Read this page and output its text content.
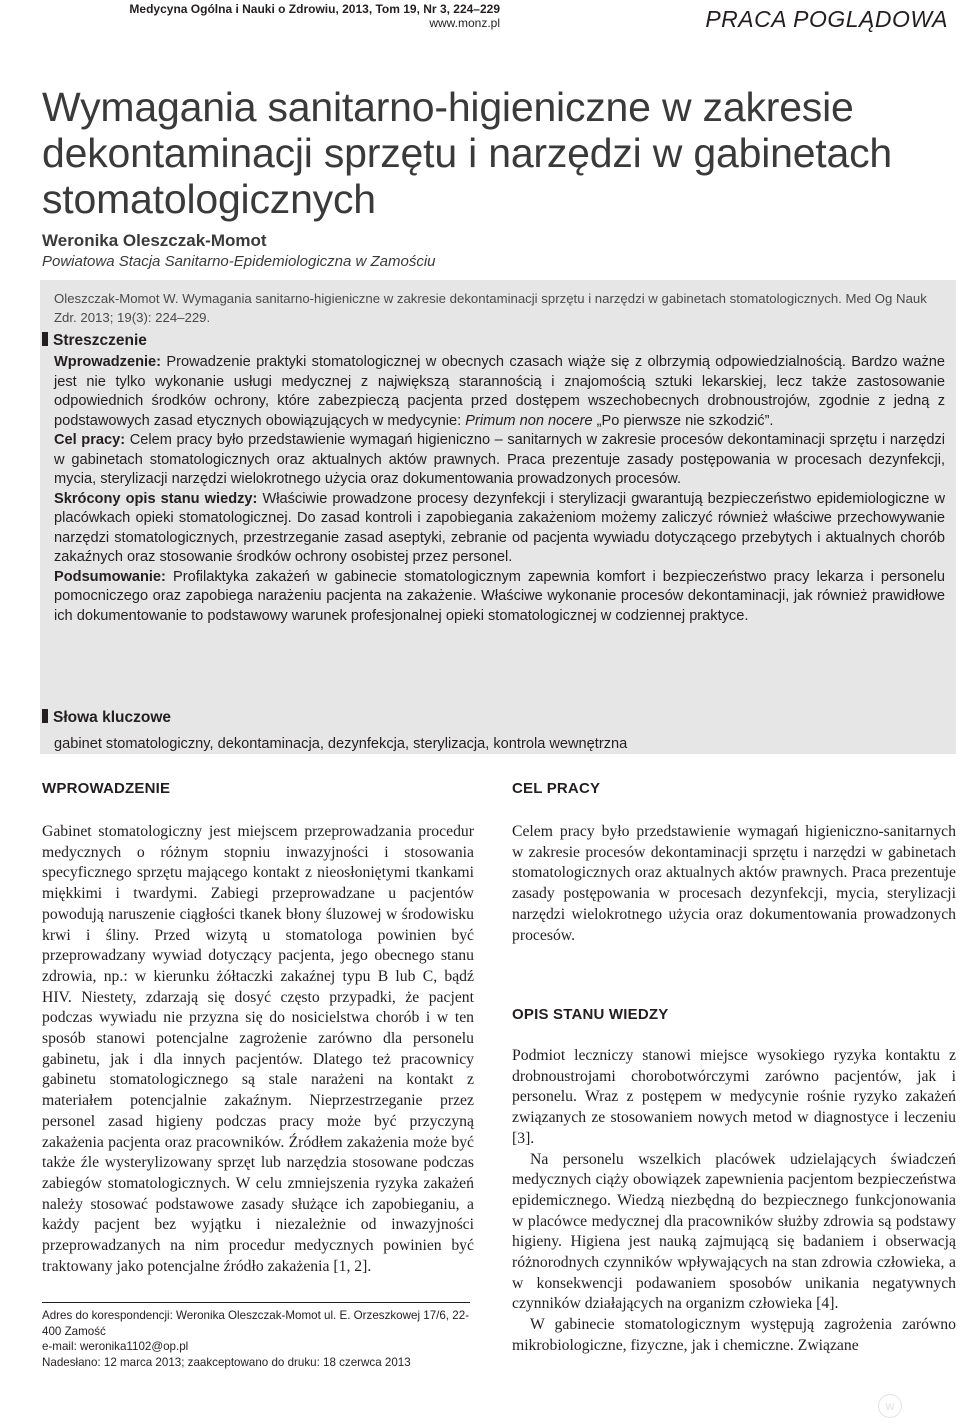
Medycyna Ogólna i Nauki o Zdrowiu, 2013, Tom 19, Nr 3, 224–229
www.monz.pl	PRACA POGLĄDOWA
Wymagania sanitarno-higieniczne w zakresie dekontaminacji sprzętu i narzędzi w gabinetach stomatologicznych
Weronika Oleszczak-Momot
Powiatowa Stacja Sanitarno-Epidemiologiczna w Zamościu
Oleszczak-Momot W. Wymagania sanitarno-higieniczne w zakresie dekontaminacji sprzętu i narzędzi w gabinetach stomatologicznych. Med Og Nauk Zdr. 2013; 19(3): 224–229.
Streszczenie

Wprowadzenie: Prowadzenie praktyki stomatologicznej w obecnych czasach wiąże się z olbrzymią odpowiedzialnością. Bardzo ważne jest nie tylko wykonanie usługi medycznej z największą starannością i znajomością sztuki lekarskiej, lecz także zastosowanie odpowiednich środków ochrony, które zabezpieczą pacjenta przed dostępem wszechobecnych drobnoustrojów, zgodnie z jedną z podstawowych zasad etycznych obowiązujących w medycynie: Primum non nocere „Po pierwsze nie szkodzić”.

Cel pracy: Celem pracy było przedstawienie wymagań higieniczno – sanitarnych w zakresie procesów dekontaminacji sprzętu i narzędzi w gabinetach stomatologicznych oraz aktualnych aktów prawnych. Praca prezentuje zasady postępowania w procesach dezynfekcji, mycia, sterylizacji narzędzi wielokrotnego użycia oraz dokumentowania prowadzonych procesów.

Skrócony opis stanu wiedzy: Właściwie prowadzone procesy dezynfekcji i sterylizacji gwarantują bezpieczeństwo epidemiologiczne w placówkach opieki stomatologicznej. Do zasad kontroli i zapobiegania zakażeniom możemy zaliczyć również właściwe przechowywanie narzędzi stomatologicznych, przestrzeganie zasad aseptyki, zebranie od pacjenta wywiadu dotyczącego przebytych i aktualnych chorób zakaźnych oraz stosowanie środków ochrony osobistej przez personel.

Podsumowanie: Profilaktyka zakażeń w gabinecie stomatologicznym zapewnia komfort i bezpieczeństwo pracy lekarza i personelu pomocniczego oraz zapobiega narażeniu pacjenta na zakażenie. Właściwe wykonanie procesów dekontaminacji, jak również prawidłowe ich dokumentowanie to podstawowy warunek profesjonalnej opieki stomatologicznej w codziennej praktyce.

Słowa kluczowe
gabinet stomatologiczny, dekontaminacja, dezynfekcja, sterylizacja, kontrola wewnętrzna
WPROWADZENIE

Gabinet stomatologiczny jest miejscem przeprowadzania procedur medycznych o różnym stopniu inwazyjności i stosowania specyficznego sprzętu mającego kontakt z nieosłoniętymi tkankami miękkimi i twardymi. Zabiegi przeprowadzane u pacjentów powodują naruszenie ciągłości tkanek błony śluzowej w środowisku krwi i śliny. Przed wizytą u stomatologa powinien być przeprowadzany wywiad dotyczący pacjenta, jego obecnego stanu zdrowia, np.: w kierunku żółtaczki zakaźnej typu B lub C, bądź HIV. Niestety, zdarzają się dosyć często przypadki, że pacjent podczas wywiadu nie przyzna się do nosicielstwa chorób i w ten sposób stanowi potencjalne zagrożenie zarówno dla personelu gabinetu, jak i dla innych pacjentów. Dlatego też pracownicy gabinetu stomatologicznego są stale narażeni na kontakt z materiałem potencjalnie zakaźnym. Nieprzestrzeganie przez personel zasad higieny podczas pracy może być przyczyną zakażenia pacjenta oraz pracowników. Źródłem zakażenia może być także źle wysterylizowany sprzęt lub narzędzia stosowane podczas zabiegów stomatologicznych. W celu zmniejszenia ryzyka zakażeń należy stosować podstawowe zasady służące ich zapobieganiu, a każdy pacjent bez wyjątku i niezależnie od inwazyjności przeprowadzanych na nim procedur medycznych powinien być traktowany jako potencjalne źródło zakażenia [1, 2].

CEL PRACY

Celem pracy było przedstawienie wymagań higieniczno-sanitarnych w zakresie procesów dekontaminacji sprzętu i narzędzi w gabinetach stomatologicznych oraz aktualnych aktów prawnych. Praca prezentuje zasady postępowania w procesach dezynfekcji, mycia, sterylizacji narzędzi wielokrotnego użycia oraz dokumentowania prowadzonych procesów.

OPIS STANU WIEDZY

Podmiot leczniczy stanowi miejsce wysokiego ryzyka kontaktu z drobnoustrojami chorobotwórczymi zarówno pacjentów, jak i personelu. Wraz z postępem w medycynie rośnie ryzyko zakażeń związanych ze stosowaniem nowych metod w diagnostyce i leczeniu [3].

Na personelu wszelkich placówek udzielających świadczeń medycznych ciąży obowiązek zapewnienia pacjentom bezpieczeństwa epidemicznego. Wiedzą niezbędną do bezpiecznego funkcjonowania w placówce medycznej dla pracowników służby zdrowia są podstawy higieny. Higiena jest nauką zajmującą się badaniem i obserwacją różnorodnych czynników wpływających na stan zdrowia człowieka, a w konsekwencji podawaniem sposobów unikania negatywnych czynników działających na organizm człowieka [4].

W gabinecie stomatologicznym występują zagrożenia zarówno mikrobiologiczne, fizyczne, jak i chemiczne. Związane

Adres do korespondencji: Weronika Oleszczak-Momot ul. E. Orzeszkowej 17/6, 22-400 Zamość
e-mail: weronika1102@op.pl
Nadesłano: 12 marca 2013; zaakceptowano do druku: 18 czerwca 2013
w
